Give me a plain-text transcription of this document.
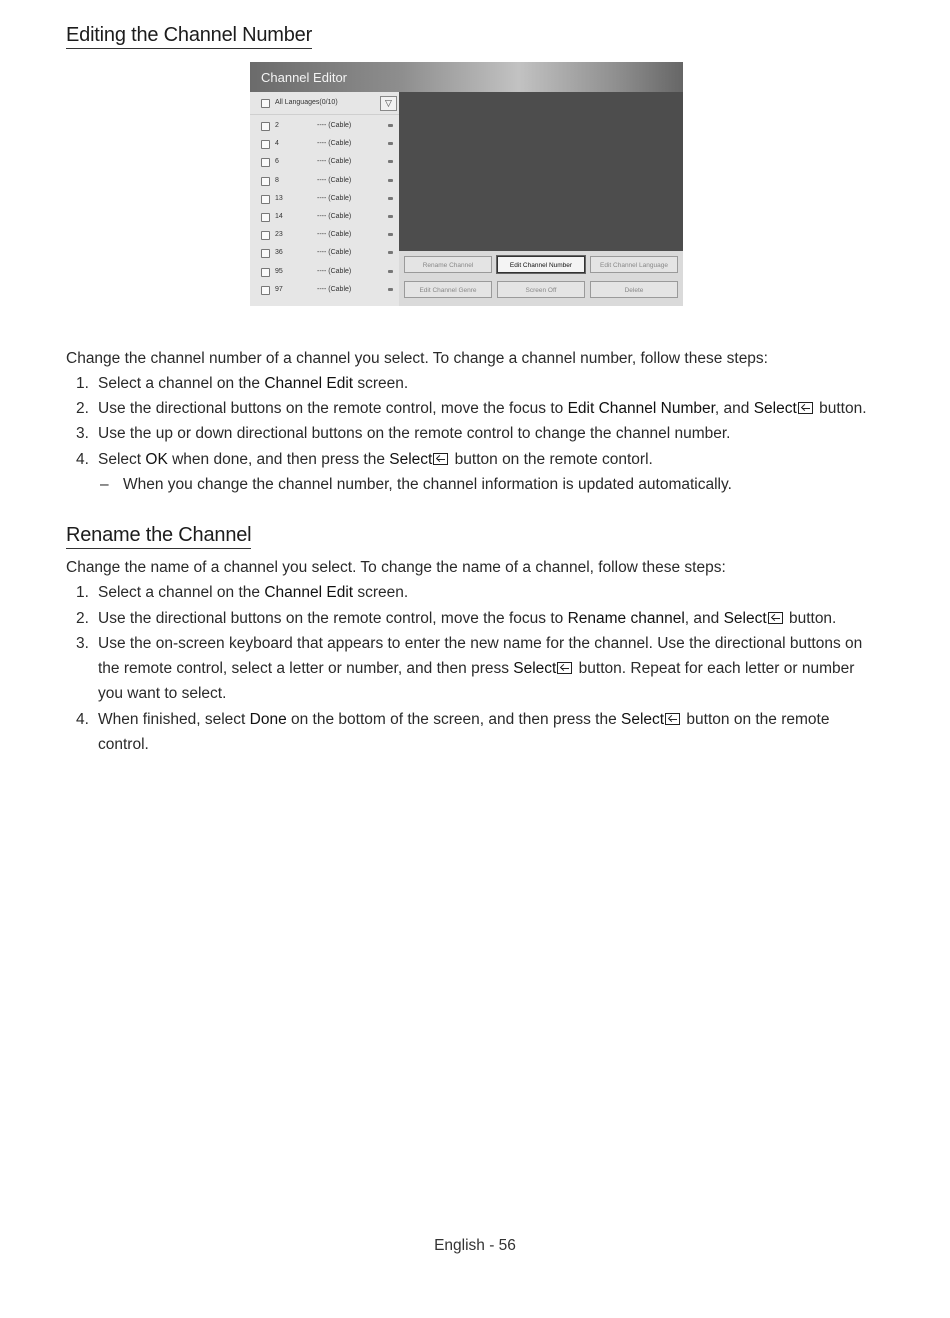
Editing the Channel Number
Channel Editor
All Languages(0/10)	▽
2	---- (Cable)
4	---- (Cable)
6	---- (Cable)
8	---- (Cable)
13	---- (Cable)
14	---- (Cable)
23	---- (Cable)
36	---- (Cable)
95	---- (Cable)
97	---- (Cable)
Rename Channel	Edit Channel Number	Edit Channel Language
Edit Channel Genre	Screen Off	Delete

Change the channel number of a channel you select. To change a channel number, follow these steps:

1. Select a channel on the Channel Edit screen.
2. Use the directional buttons on the remote control, move the focus to Edit Channel Number, and Select button.
3. Use the up or down directional buttons on the remote control to change the channel number.
4. Select OK when done, and then press the Select button on the remote contorl.
– When you change the channel number, the channel information is updated automatically.
Rename the Channel

Change the name of a channel you select. To change the name of a channel, follow these steps:

1. Select a channel on the Channel Edit screen.
2. Use the directional buttons on the remote control, move the focus to Rename channel, and Select button.
3. Use the on-screen keyboard that appears to enter the new name for the channel. Use the directional buttons on
the remote control, select a letter or number, and then press Select button. Repeat for each letter or number
you want to select.
4. When finished, select Done on the bottom of the screen, and then press the Select button on the remote
control.
English - 56
